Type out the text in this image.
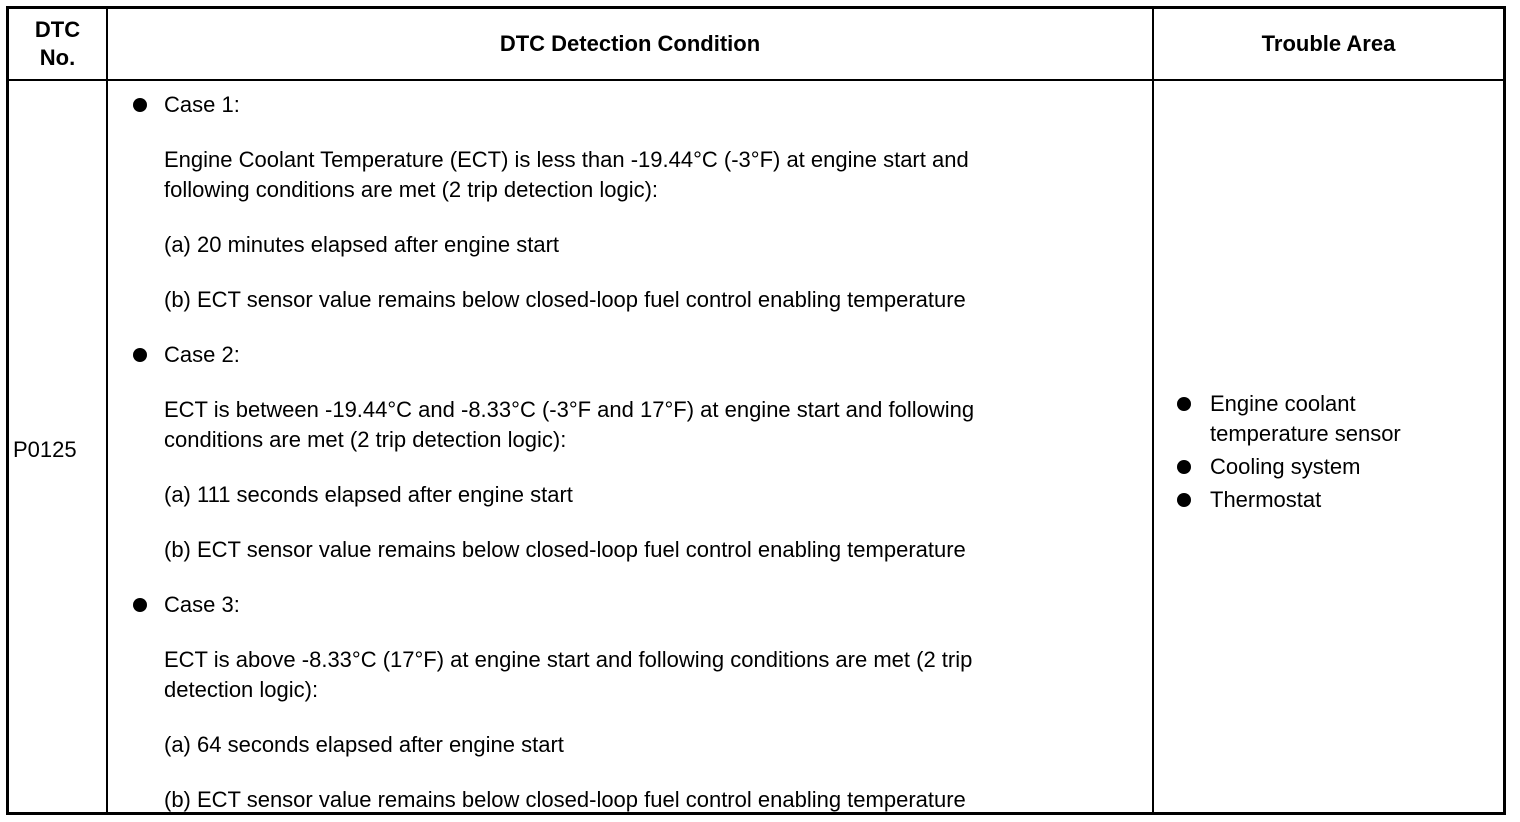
DTC
No.
DTC Detection Condition	Trouble Area
P0125
Case 1:
Engine Coolant Temperature (ECT) is less than -19.44°C (-3°F) at engine start and
following conditions are met (2 trip detection logic):
(a) 20 minutes elapsed after engine start
(b) ECT sensor value remains below closed-loop fuel control enabling temperature
Case 2:
ECT is between -19.44°C and -8.33°C (-3°F and 17°F) at engine start and following
conditions are met (2 trip detection logic):
(a) 111 seconds elapsed after engine start
(b) ECT sensor value remains below closed-loop fuel control enabling temperature
Case 3:
ECT is above -8.33°C (17°F) at engine start and following conditions are met (2 trip
detection logic):
(a) 64 seconds elapsed after engine start
(b) ECT sensor value remains below closed-loop fuel control enabling temperature
Engine coolant
temperature sensor
Cooling system
Thermostat
